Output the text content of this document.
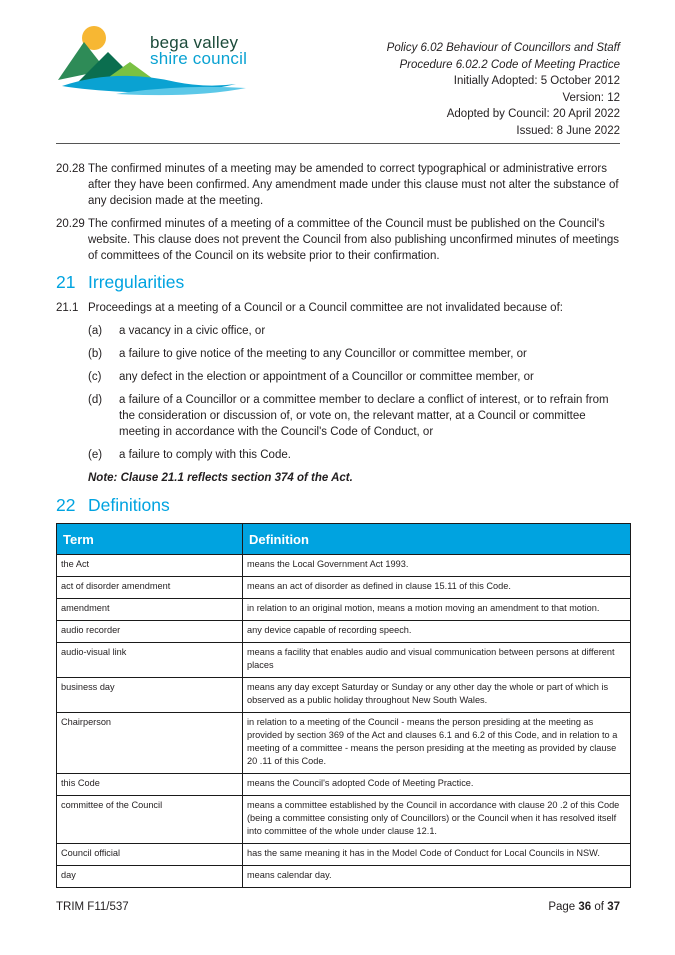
bega valley
shire council
Policy 6.02 Behaviour of Councillors and Staff
Procedure 6.02.2 Code of Meeting Practice
Initially Adopted: 5 October 2012
Version: 12
Adopted by Council: 20 April 2022
Issued: 8 June 2022
20.28 The confirmed minutes of a meeting may be amended to correct typographical or administrative errors after they have been confirmed. Any amendment made under this clause must not alter the substance of any decision made at the meeting.
20.29 The confirmed minutes of a meeting of a committee of the Council must be published on the Council's website. This clause does not prevent the Council from also publishing unconfirmed minutes of meetings of committees of the Council on its website prior to their confirmation.
21 Irregularities
21.1 Proceedings at a meeting of a Council or a Council committee are not invalidated because of:
(a)	a vacancy in a civic office, or
(b)	a failure to give notice of the meeting to any Councillor or committee member, or
(c)	any defect in the election or appointment of a Councillor or committee member, or
(d)	a failure of a Councillor or a committee member to declare a conflict of interest, or to refrain from the consideration or discussion of, or vote on, the relevant matter, at a Council or committee meeting in accordance with the Council's Code of Conduct, or
(e)	a failure to comply with this Code.
Note: Clause 21.1 reflects section 374 of the Act.
22 Definitions
Term	Definition
the Act	means the Local Government Act 1993.
act of disorder amendment	means an act of disorder as defined in clause 15.11 of this Code.
amendment	in relation to an original motion, means a motion moving an amendment to that motion.
audio recorder	any device capable of recording speech.
audio-visual link	means a facility that enables audio and visual communication between persons at different places
business day	means any day except Saturday or Sunday or any other day the whole or part of which is observed as a public holiday throughout New South Wales.
Chairperson	in relation to a meeting of the Council - means the person presiding at the meeting as provided by section 369 of the Act and clauses 6.1 and 6.2 of this Code, and in relation to a meeting of a committee - means the person presiding at the meeting as provided by clause 20 .11 of this Code.
this Code	means the Council's adopted Code of Meeting Practice.
committee of the Council	means a committee established by the Council in accordance with clause 20 .2 of this Code (being a committee consisting only of Councillors) or the Council when it has resolved itself into committee of the whole under clause 12.1.
Council official	has the same meaning it has in the Model Code of Conduct for Local Councils in NSW.
day	means calendar day.
TRIM F11/537	Page 36 of 37
